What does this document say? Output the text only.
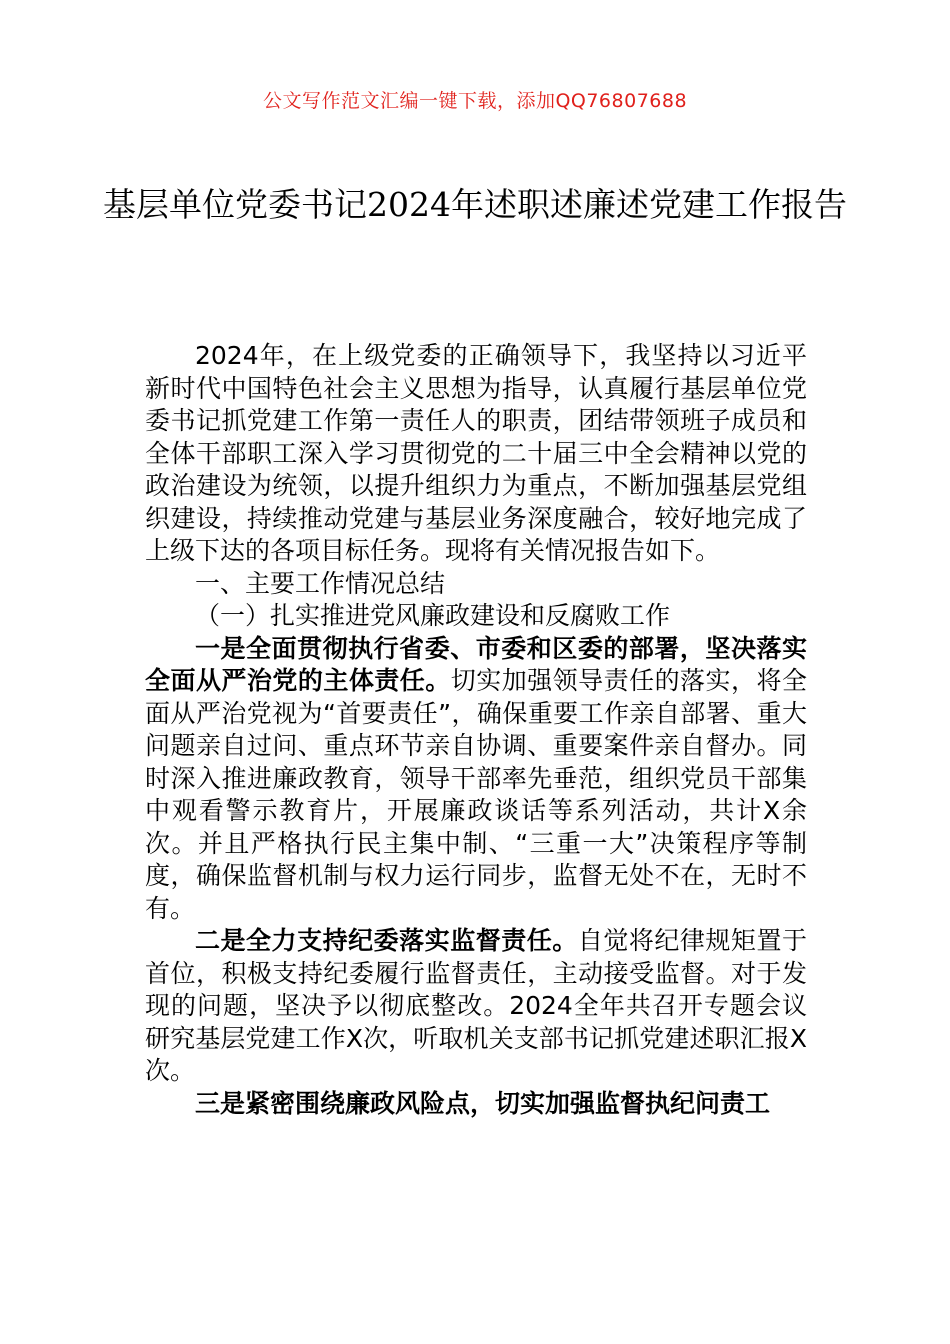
公文写作范文汇编一键下载，添加QQ76807688
基层单位党委书记2024年述职述廉述党建工作报告

2024年，在上级党委的正确领导下，我坚持以习近平新时代中国特色社会主义思想为指导，认真履行基层单位党委书记抓党建工作第一责任人的职责，团结带领班子成员和全体干部职工深入学习贯彻党的二十届三中全会精神以党的政治建设为统领，以提升组织力为重点，不断加强基层党组织建设，持续推动党建与基层业务深度融合，较好地完成了上级下达的各项目标任务。现将有关情况报告如下。

一、主要工作情况总结

（一）扎实推进党风廉政建设和反腐败工作

一是全面贯彻执行省委、市委和区委的部署，坚决落实全面从严治党的主体责任。切实加强领导责任的落实，将全面从严治党视为“首要责任”，确保重要工作亲自部署、重大问题亲自过问、重点环节亲自协调、重要案件亲自督办。同时深入推进廉政教育，领导干部率先垂范，组织党员干部集中观看警示教育片，开展廉政谈话等系列活动，共计X余次。并且严格执行民主集中制、“三重一大”决策程序等制度，确保监督机制与权力运行同步，监督无处不在，无时不有。

二是全力支持纪委落实监督责任。自觉将纪律规矩置于首位，积极支持纪委履行监督责任，主动接受监督。对于发现的问题，坚决予以彻底整改。2024全年共召开专题会议研究基层党建工作X次，听取机关支部书记抓党建述职汇报X次。

三是紧密围绕廉政风险点，切实加强监督执纪问责工
